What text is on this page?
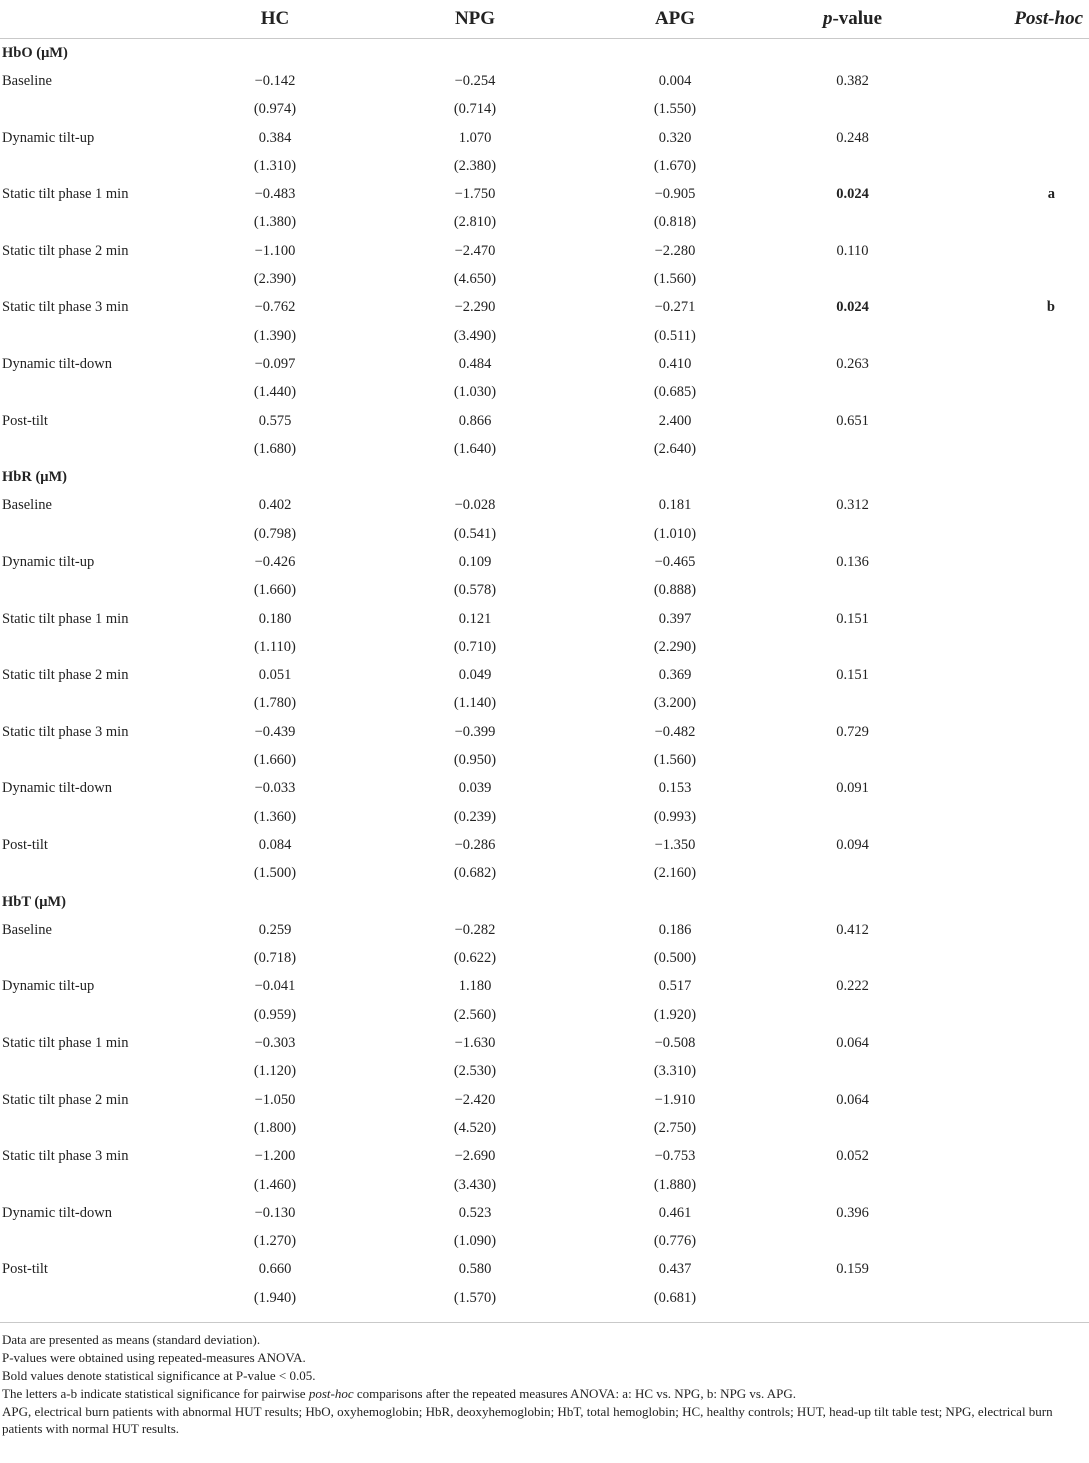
	HC	NPG	APG	p-value	Post-hoc
HbO (μM)					
Baseline	−0.142	−0.254	0.004	0.382	
	(0.974)	(0.714)	(1.550)		
Dynamic tilt-up	0.384	1.070	0.320	0.248	
	(1.310)	(2.380)	(1.670)		
Static tilt phase 1 min	−0.483	−1.750	−0.905	0.024	a
	(1.380)	(2.810)	(0.818)		
Static tilt phase 2 min	−1.100	−2.470	−2.280	0.110	
	(2.390)	(4.650)	(1.560)		
Static tilt phase 3 min	−0.762	−2.290	−0.271	0.024	b
	(1.390)	(3.490)	(0.511)		
Dynamic tilt-down	−0.097	0.484	0.410	0.263	
	(1.440)	(1.030)	(0.685)		
Post-tilt	0.575	0.866	2.400	0.651	
	(1.680)	(1.640)	(2.640)		
HbR (μM)					
Baseline	0.402	−0.028	0.181	0.312	
	(0.798)	(0.541)	(1.010)		
Dynamic tilt-up	−0.426	0.109	−0.465	0.136	
	(1.660)	(0.578)	(0.888)		
Static tilt phase 1 min	0.180	0.121	0.397	0.151	
	(1.110)	(0.710)	(2.290)		
Static tilt phase 2 min	0.051	0.049	0.369	0.151	
	(1.780)	(1.140)	(3.200)		
Static tilt phase 3 min	−0.439	−0.399	−0.482	0.729	
	(1.660)	(0.950)	(1.560)		
Dynamic tilt-down	−0.033	0.039	0.153	0.091	
	(1.360)	(0.239)	(0.993)		
Post-tilt	0.084	−0.286	−1.350	0.094	
	(1.500)	(0.682)	(2.160)		
HbT (μM)					
Baseline	0.259	−0.282	0.186	0.412	
	(0.718)	(0.622)	(0.500)		
Dynamic tilt-up	−0.041	1.180	0.517	0.222	
	(0.959)	(2.560)	(1.920)		
Static tilt phase 1 min	−0.303	−1.630	−0.508	0.064	
	(1.120)	(2.530)	(3.310)		
Static tilt phase 2 min	−1.050	−2.420	−1.910	0.064	
	(1.800)	(4.520)	(2.750)		
Static tilt phase 3 min	−1.200	−2.690	−0.753	0.052	
	(1.460)	(3.430)	(1.880)		
Dynamic tilt-down	−0.130	0.523	0.461	0.396	
	(1.270)	(1.090)	(0.776)		
Post-tilt	0.660	0.580	0.437	0.159	
	(1.940)	(1.570)	(0.681)		

Data are presented as means (standard deviation).

P-values were obtained using repeated-measures ANOVA.

Bold values denote statistical significance at P-value < 0.05.

The letters a-b indicate statistical significance for pairwise post-hoc comparisons after the repeated measures ANOVA: a: HC vs. NPG, b: NPG vs. APG.

APG, electrical burn patients with abnormal HUT results; HbO, oxyhemoglobin; HbR, deoxyhemoglobin; HbT, total hemoglobin; HC, healthy controls; HUT, head-up tilt table test; NPG, electrical burn patients with normal HUT results.
